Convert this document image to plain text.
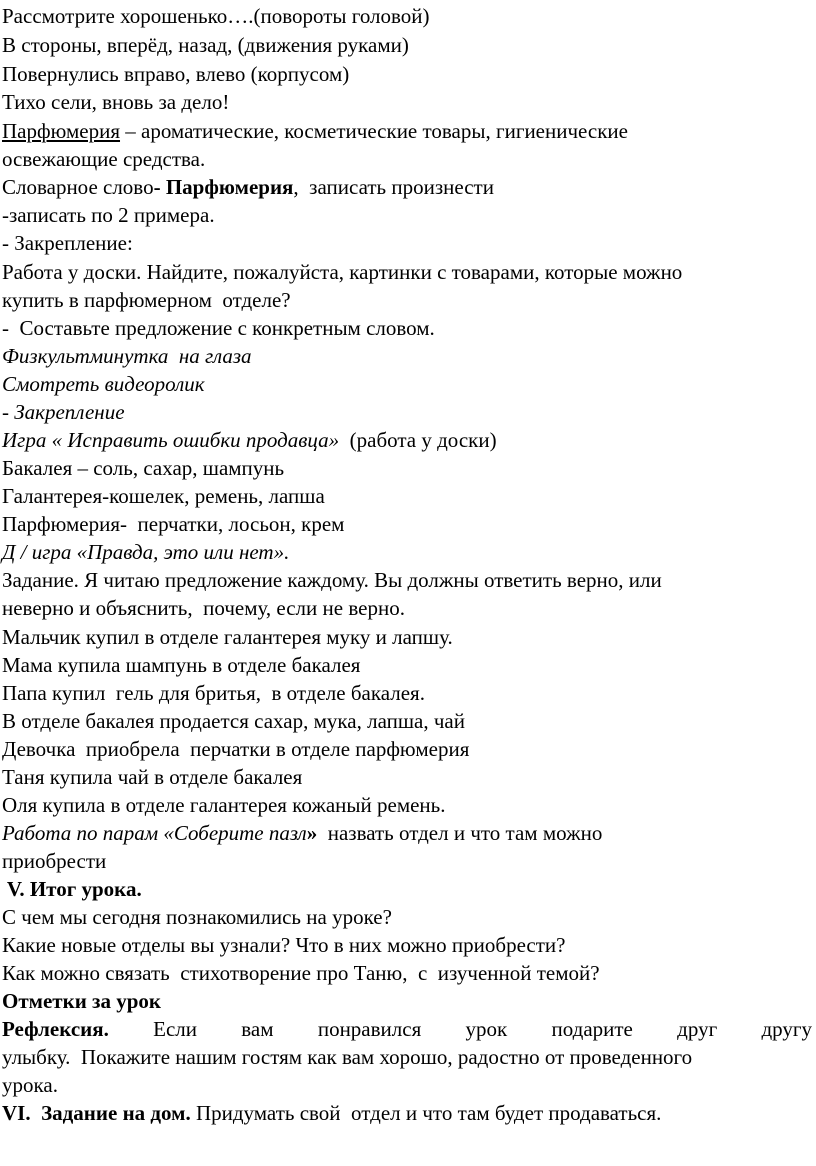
Рассмотрите хорошенько….(повороты головой)
В стороны, вперёд, назад, (движения руками)
Повернулись вправо, влево (корпусом)
Тихо сели, вновь за дело!
Парфюмерия – ароматические, косметические товары, гигиенические
освежающие средства.
Словарное слово- Парфюмерия,  записать произнести
-записать по 2 примера.
- Закрепление:
Работа у доски. Найдите, пожалуйста, картинки с товарами, которые можно
купить в парфюмерном  отделе?
-  Составьте предложение с конкретным словом.
Физкультминутка  на глаза
Смотреть видеоролик
- Закрепление
Игра « Исправить ошибки продавца»  (работа у доски)
Бакалея – соль, сахар, шампунь
Галантерея-кошелек, ремень, лапша
Парфюмерия-  перчатки, лосьон, крем
Д / игра «Правда, это или нет».
Задание. Я читаю предложение каждому. Вы должны ответить верно, или
неверно и объяснить,  почему, если не верно.
Мальчик купил в отделе галантерея муку и лапшу.
Мама купила шампунь в отделе бакалея
Папа купил  гель для бритья,  в отделе бакалея.
В отделе бакалея продается сахар, мука, лапша, чай
Девочка  приобрела  перчатки в отделе парфюмерия
Таня купила чай в отделе бакалея
Оля купила в отделе галантерея кожаный ремень.
Работа по парам «Соберите пазл»  назвать отдел и что там можно
приобрести
V. Итог урока.
С чем мы сегодня познакомились на уроке?
Какие новые отделы вы узнали? Что в них можно приобрести?
Как можно связать  стихотворение про Таню,  с  изученной темой?
Отметки за урок
Рефлексия. Если вам понравился урок подарите друг другу
улыбку.  Покажите нашим гостям как вам хорошо, радостно от проведенного
урока.
VI.  Задание на дом. Придумать свой  отдел и что там будет продаваться.
